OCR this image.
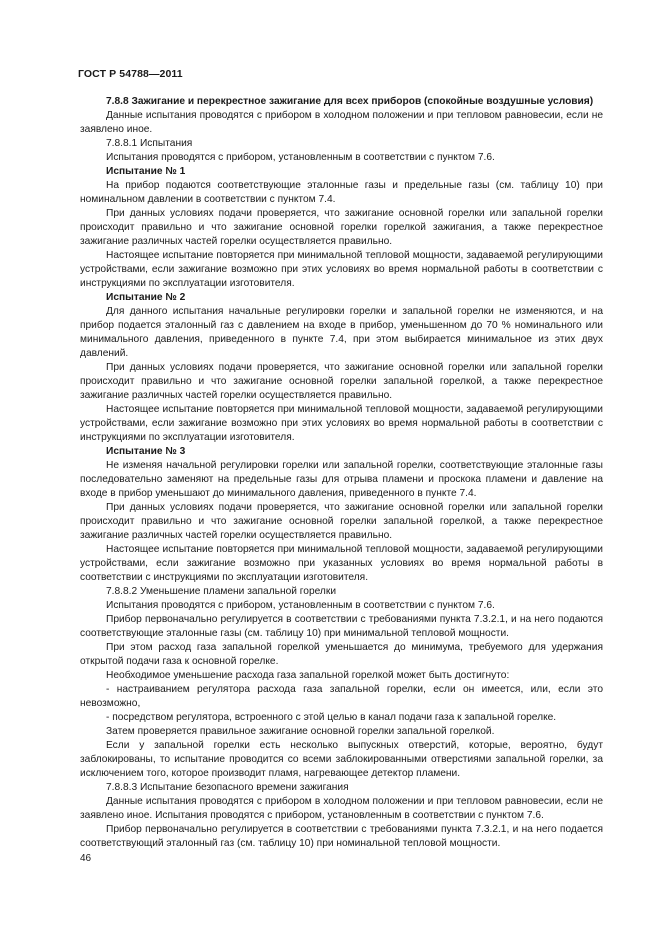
ГОСТ Р 54788—2011

7.8.8 Зажигание и перекрестное зажигание для всех приборов (спокойные воздушные условия)

Данные испытания проводятся с прибором в холодном положении и при тепловом равновесии, если не заявлено иное.

7.8.8.1 Испытания

Испытания проводятся с прибором, установленным в соответствии с пунктом 7.6.

Испытание № 1

На прибор подаются соответствующие эталонные газы и предельные газы (см. таблицу 10) при номинальном давлении в соответствии с пунктом 7.4.

При данных условиях подачи проверяется, что зажигание основной горелки или запальной горелки происходит правильно и что зажигание основной горелки горелкой зажигания, а также перекрестное зажигание различных частей горелки осуществляется правильно.

Настоящее испытание повторяется при минимальной тепловой мощности, задаваемой регулирующими устройствами, если зажигание возможно при этих условиях во время нормальной работы в соответствии с инструкциями по эксплуатации изготовителя.

Испытание № 2

Для данного испытания начальные регулировки горелки и запальной горелки не изменяются, и на прибор подается эталонный газ с давлением на входе в прибор, уменьшенном до 70 % номинального или минимального давления, приведенного в пункте 7.4, при этом выбирается минимальное из этих двух давлений.

При данных условиях подачи проверяется, что зажигание основной горелки или запальной горелки происходит правильно и что зажигание основной горелки запальной горелкой, а также перекрестное зажигание различных частей горелки осуществляется правильно.

Настоящее испытание повторяется при минимальной тепловой мощности, задаваемой регулирующими устройствами, если зажигание возможно при этих условиях во время нормальной работы в соответствии с инструкциями по эксплуатации изготовителя.

Испытание № 3

Не изменяя начальной регулировки горелки или запальной горелки, соответствующие эталонные газы последовательно заменяют на предельные газы для отрыва пламени и проскока пламени и давление на входе в прибор уменьшают до минимального давления, приведенного в пункте 7.4.

При данных условиях подачи проверяется, что зажигание основной горелки или запальной горелки происходит правильно и что зажигание основной горелки запальной горелкой, а также перекрестное зажигание различных частей горелки осуществляется правильно.

Настоящее испытание повторяется при минимальной тепловой мощности, задаваемой регулирующими устройствами, если зажигание возможно при указанных условиях во время нормальной работы в соответствии с инструкциями по эксплуатации изготовителя.

7.8.8.2 Уменьшение пламени запальной горелки

Испытания проводятся с прибором, установленным в соответствии с пунктом 7.6.

Прибор первоначально регулируется в соответствии с требованиями пункта 7.3.2.1, и на него подаются соответствующие эталонные газы (см. таблицу 10) при минимальной тепловой мощности.

При этом расход газа запальной горелкой уменьшается до минимума, требуемого для удержания открытой подачи газа к основной горелке.

Необходимое уменьшение расхода газа запальной горелкой может быть достигнуто:

- настраиванием регулятора расхода газа запальной горелки, если он имеется, или, если это невозможно,

- посредством регулятора, встроенного с этой целью в канал подачи газа к запальной горелке.

Затем проверяется правильное зажигание основной горелки запальной горелкой.

Если у запальной горелки есть несколько выпускных отверстий, которые, вероятно, будут заблокированы, то испытание проводится со всеми заблокированными отверстиями запальной горелки, за исключением того, которое производит пламя, нагревающее детектор пламени.

7.8.8.3 Испытание безопасного времени зажигания

Данные испытания проводятся с прибором в холодном положении и при тепловом равновесии, если не заявлено иное. Испытания проводятся с прибором, установленным в соответствии с пунктом 7.6.

Прибор первоначально регулируется в соответствии с требованиями пункта 7.3.2.1, и на него подается соответствующий эталонный газ (см. таблицу 10) при номинальной тепловой мощности.

46
